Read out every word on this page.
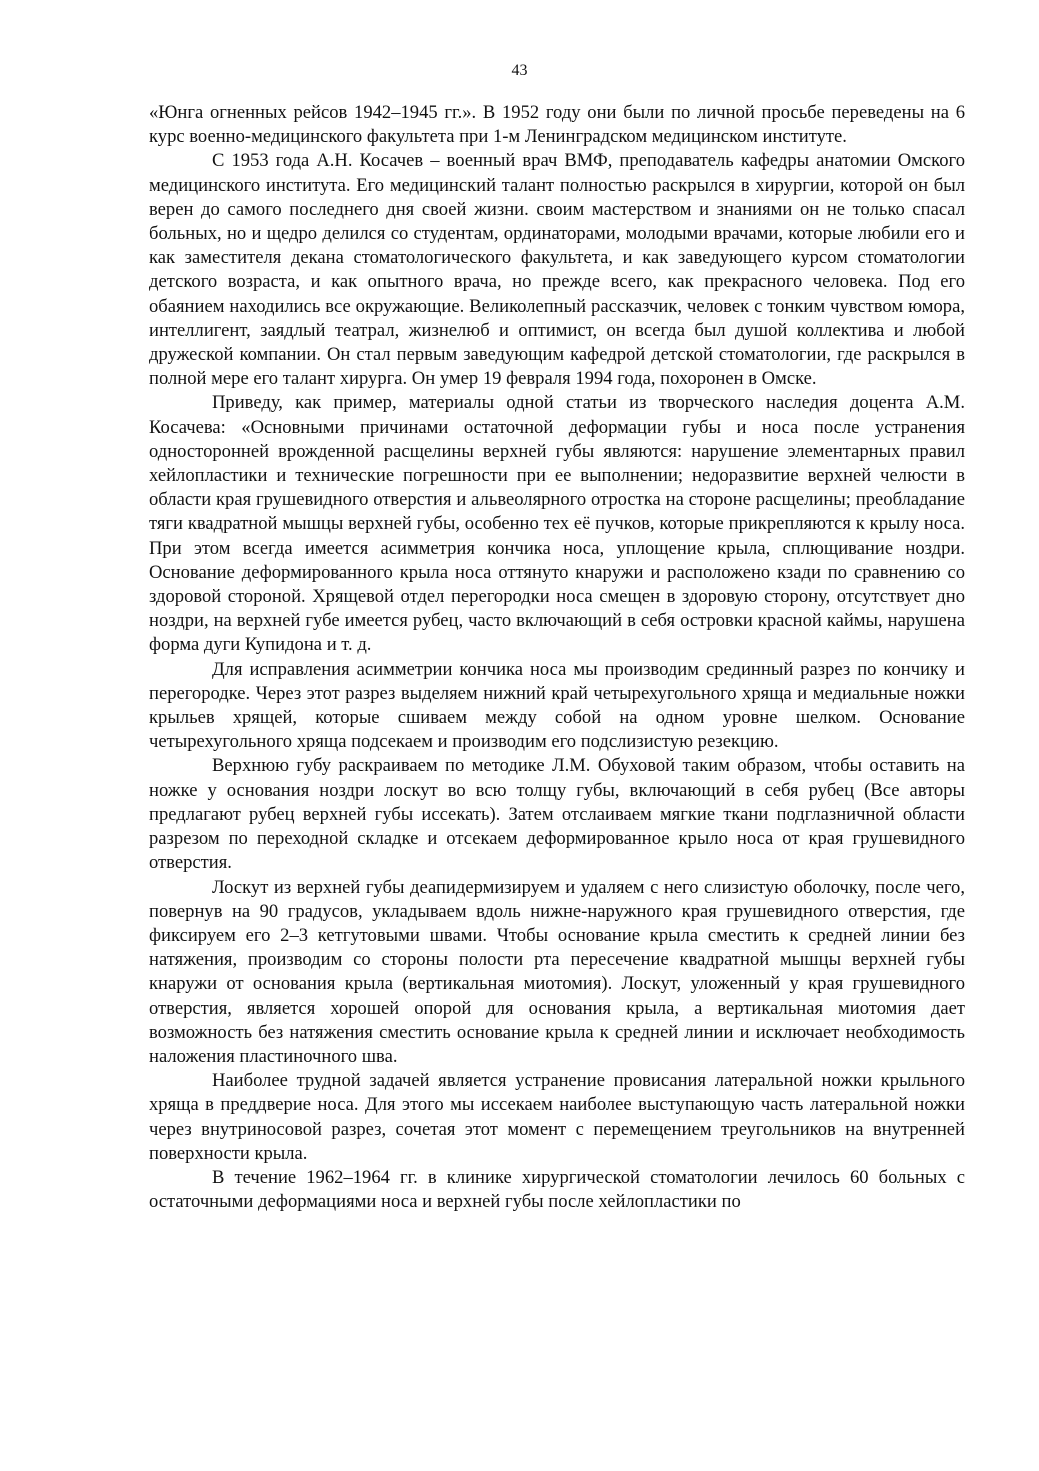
43

«Юнга огненных рейсов 1942–1945 гг.». В 1952 году они были по личной просьбе переведены на 6 курс военно-медицинского факультета при 1-м Ленинградском медицинском институте.

С 1953 года А.Н. Косачев – военный врач ВМФ, преподаватель кафедры анатомии Омского медицинского института. Его медицинский талант полностью раскрылся в хирургии, которой он был верен до самого последнего дня своей жизни. своим мастерством и знаниями он не только спасал больных, но и щедро делился со студентам, ординаторами, молодыми врачами, которые любили его и как заместителя декана стоматологического факультета, и как заведующего курсом стоматологии детского возраста, и как опытного врача, но прежде всего, как прекрасного человека. Под его обаянием находились все окружающие. Великолепный рассказчик, человек с тонким чувством юмора, интеллигент, заядлый театрал, жизнелюб и оптимист, он всегда был душой коллектива и любой дружеской компании. Он стал первым заведующим кафедрой детской стоматологии, где раскрылся в полной мере его талант хирурга. Он умер 19 февраля 1994 года, похоронен в Омске.

Приведу, как пример, материалы одной статьи из творческого наследия доцента А.М. Косачева: «Основными причинами остаточной деформации губы и носа после устранения односторонней врожденной расщелины верхней губы являются: нарушение элементарных правил хейлопластики и технические погрешности при ее выполнении; недоразвитие верхней челюсти в области края грушевидного отверстия и альвеолярного отростка на стороне расщелины; преобладание тяги квадратной мышцы верхней губы, особенно тех её пучков, которые прикрепляются к крылу носа. При этом всегда имеется асимметрия кончика носа, уплощение крыла, сплющивание ноздри. Основание деформированного крыла носа оттянуто кнаружи и расположено кзади по сравнению со здоровой стороной. Хрящевой отдел перегородки носа смещен в здоровую сторону, отсутствует дно ноздри, на верхней губе имеется рубец, часто включающий в себя островки красной каймы, нарушена форма дуги Купидона и т. д.

Для исправления асимметрии кончика носа мы производим срединный разрез по кончику и перегородке. Через этот разрез выделяем нижний край четырехугольного хряща и медиальные ножки крыльев хрящей, которые сшиваем между собой на одном уровне шелком. Основание четырехугольного хряща подсекаем и производим его подслизистую резекцию.

Верхнюю губу раскраиваем по методике Л.М. Обуховой таким образом, чтобы оставить на ножке у основания ноздри лоскут во всю толщу губы, включающий в себя рубец (Все авторы предлагают рубец верхней губы иссекать). Затем отслаиваем мягкие ткани подглазничной области разрезом по переходной складке и отсекаем деформированное крыло носа от края грушевидного отверстия.

Лоскут из верхней губы деапидермизируем и удаляем с него слизистую оболочку, после чего, повернув на 90 градусов, укладываем вдоль нижне-наружного края грушевидного отверстия, где фиксируем его 2–3 кетгутовыми швами. Чтобы основание крыла сместить к средней линии без натяжения, производим со стороны полости рта пересечение квадратной мышцы верхней губы кнаружи от основания крыла (вертикальная миотомия). Лоскут, уложенный у края грушевидного отверстия, является хорошей опорой для основания крыла, а вертикальная миотомия дает возможность без натяжения сместить основание крыла к средней линии и исключает необходимость наложения пластиночного шва.

Наиболее трудной задачей является устранение провисания латеральной ножки крыльного хряща в преддверие носа. Для этого мы иссекаем наиболее выступающую часть латеральной ножки через внутриносовой разрез, сочетая этот момент с перемещением треугольников на внутренней поверхности крыла.

В течение 1962–1964 гг. в клинике хирургической стоматологии лечилось 60 больных с остаточными деформациями носа и верхней губы после хейлопластики по
